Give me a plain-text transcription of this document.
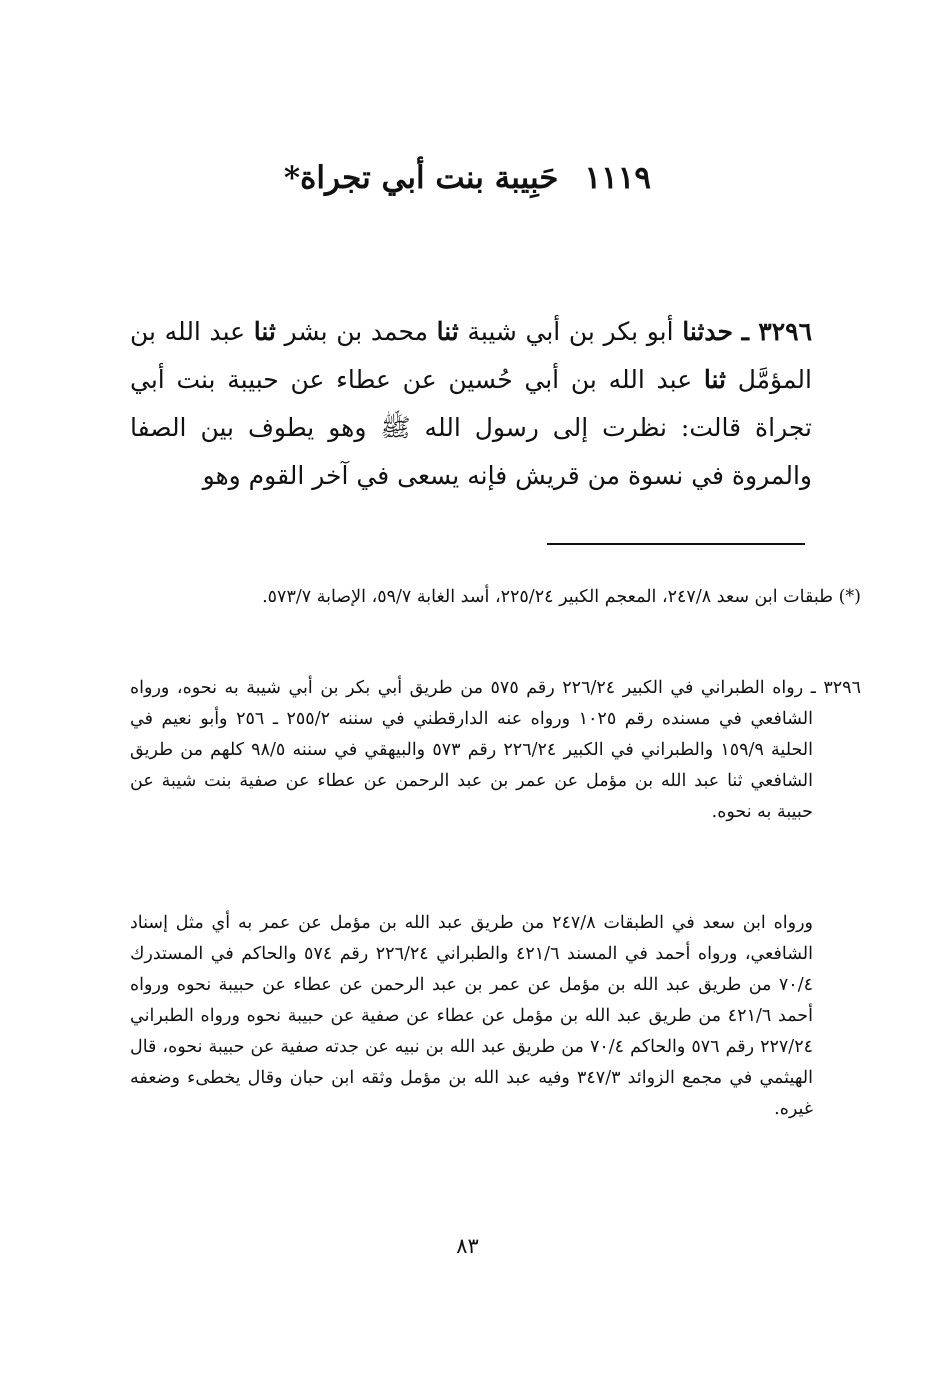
١١١٩حَبِيبة بنت أبي تجراة*

٣٢٩٦ ـ حدثنا أبو بكر بن أبي شيبة ثنا محمد بن بشر ثنا عبد الله بن المؤمَّل ثنا عبد الله بن أبي حُسين عن عطاء عن حبيبة بنت أبي تجراة قالت: نظرت إلى رسول الله ﷺ وهو يطوف بين الصفا والمروة في نسوة من قريش فإنه يسعى في آخر القوم وهو

(*) طبقات ابن سعد ٢٤٧/٨، المعجم الكبير ٢٢٥/٢٤، أسد الغابة ٥٩/٧، الإصابة ٥٧٣/٧.

٣٢٩٦ ـ رواه الطبراني في الكبير ٢٢٦/٢٤ رقم ٥٧٥ من طريق أبي بكر بن أبي شيبة به نحوه، ورواه الشافعي في مسنده رقم ١٠٢٥ ورواه عنه الدارقطني في سننه ٢٥٥/٢ ـ ٢٥٦ وأبو نعيم في الحلية ١٥٩/٩ والطبراني في الكبير ٢٢٦/٢٤ رقم ٥٧٣ والبيهقي في سننه ٩٨/٥ كلهم من طريق الشافعي ثنا عبد الله بن مؤمل عن عمر بن عبد الرحمن عن عطاء عن صفية بنت شيبة عن حبيبة به نحوه.

ورواه ابن سعد في الطبقات ٢٤٧/٨ من طريق عبد الله بن مؤمل عن عمر به أي مثل إسناد الشافعي، ورواه أحمد في المسند ٤٢١/٦ والطبراني ٢٢٦/٢٤ رقم ٥٧٤ والحاكم في المستدرك ٧٠/٤ من طريق عبد الله بن مؤمل عن عمر بن عبد الرحمن عن عطاء عن حبيبة نحوه ورواه أحمد ٤٢١/٦ من طريق عبد الله بن مؤمل عن عطاء عن صفية عن حبيبة نحوه ورواه الطبراني ٢٢٧/٢٤ رقم ٥٧٦ والحاكم ٧٠/٤ من طريق عبد الله بن نبيه عن جدته صفية عن حبيبة نحوه، قال الهيثمي في مجمع الزوائد ٣٤٧/٣ وفيه عبد الله بن مؤمل وثقه ابن حبان وقال يخطىء وضعفه غيره.

٨٣
